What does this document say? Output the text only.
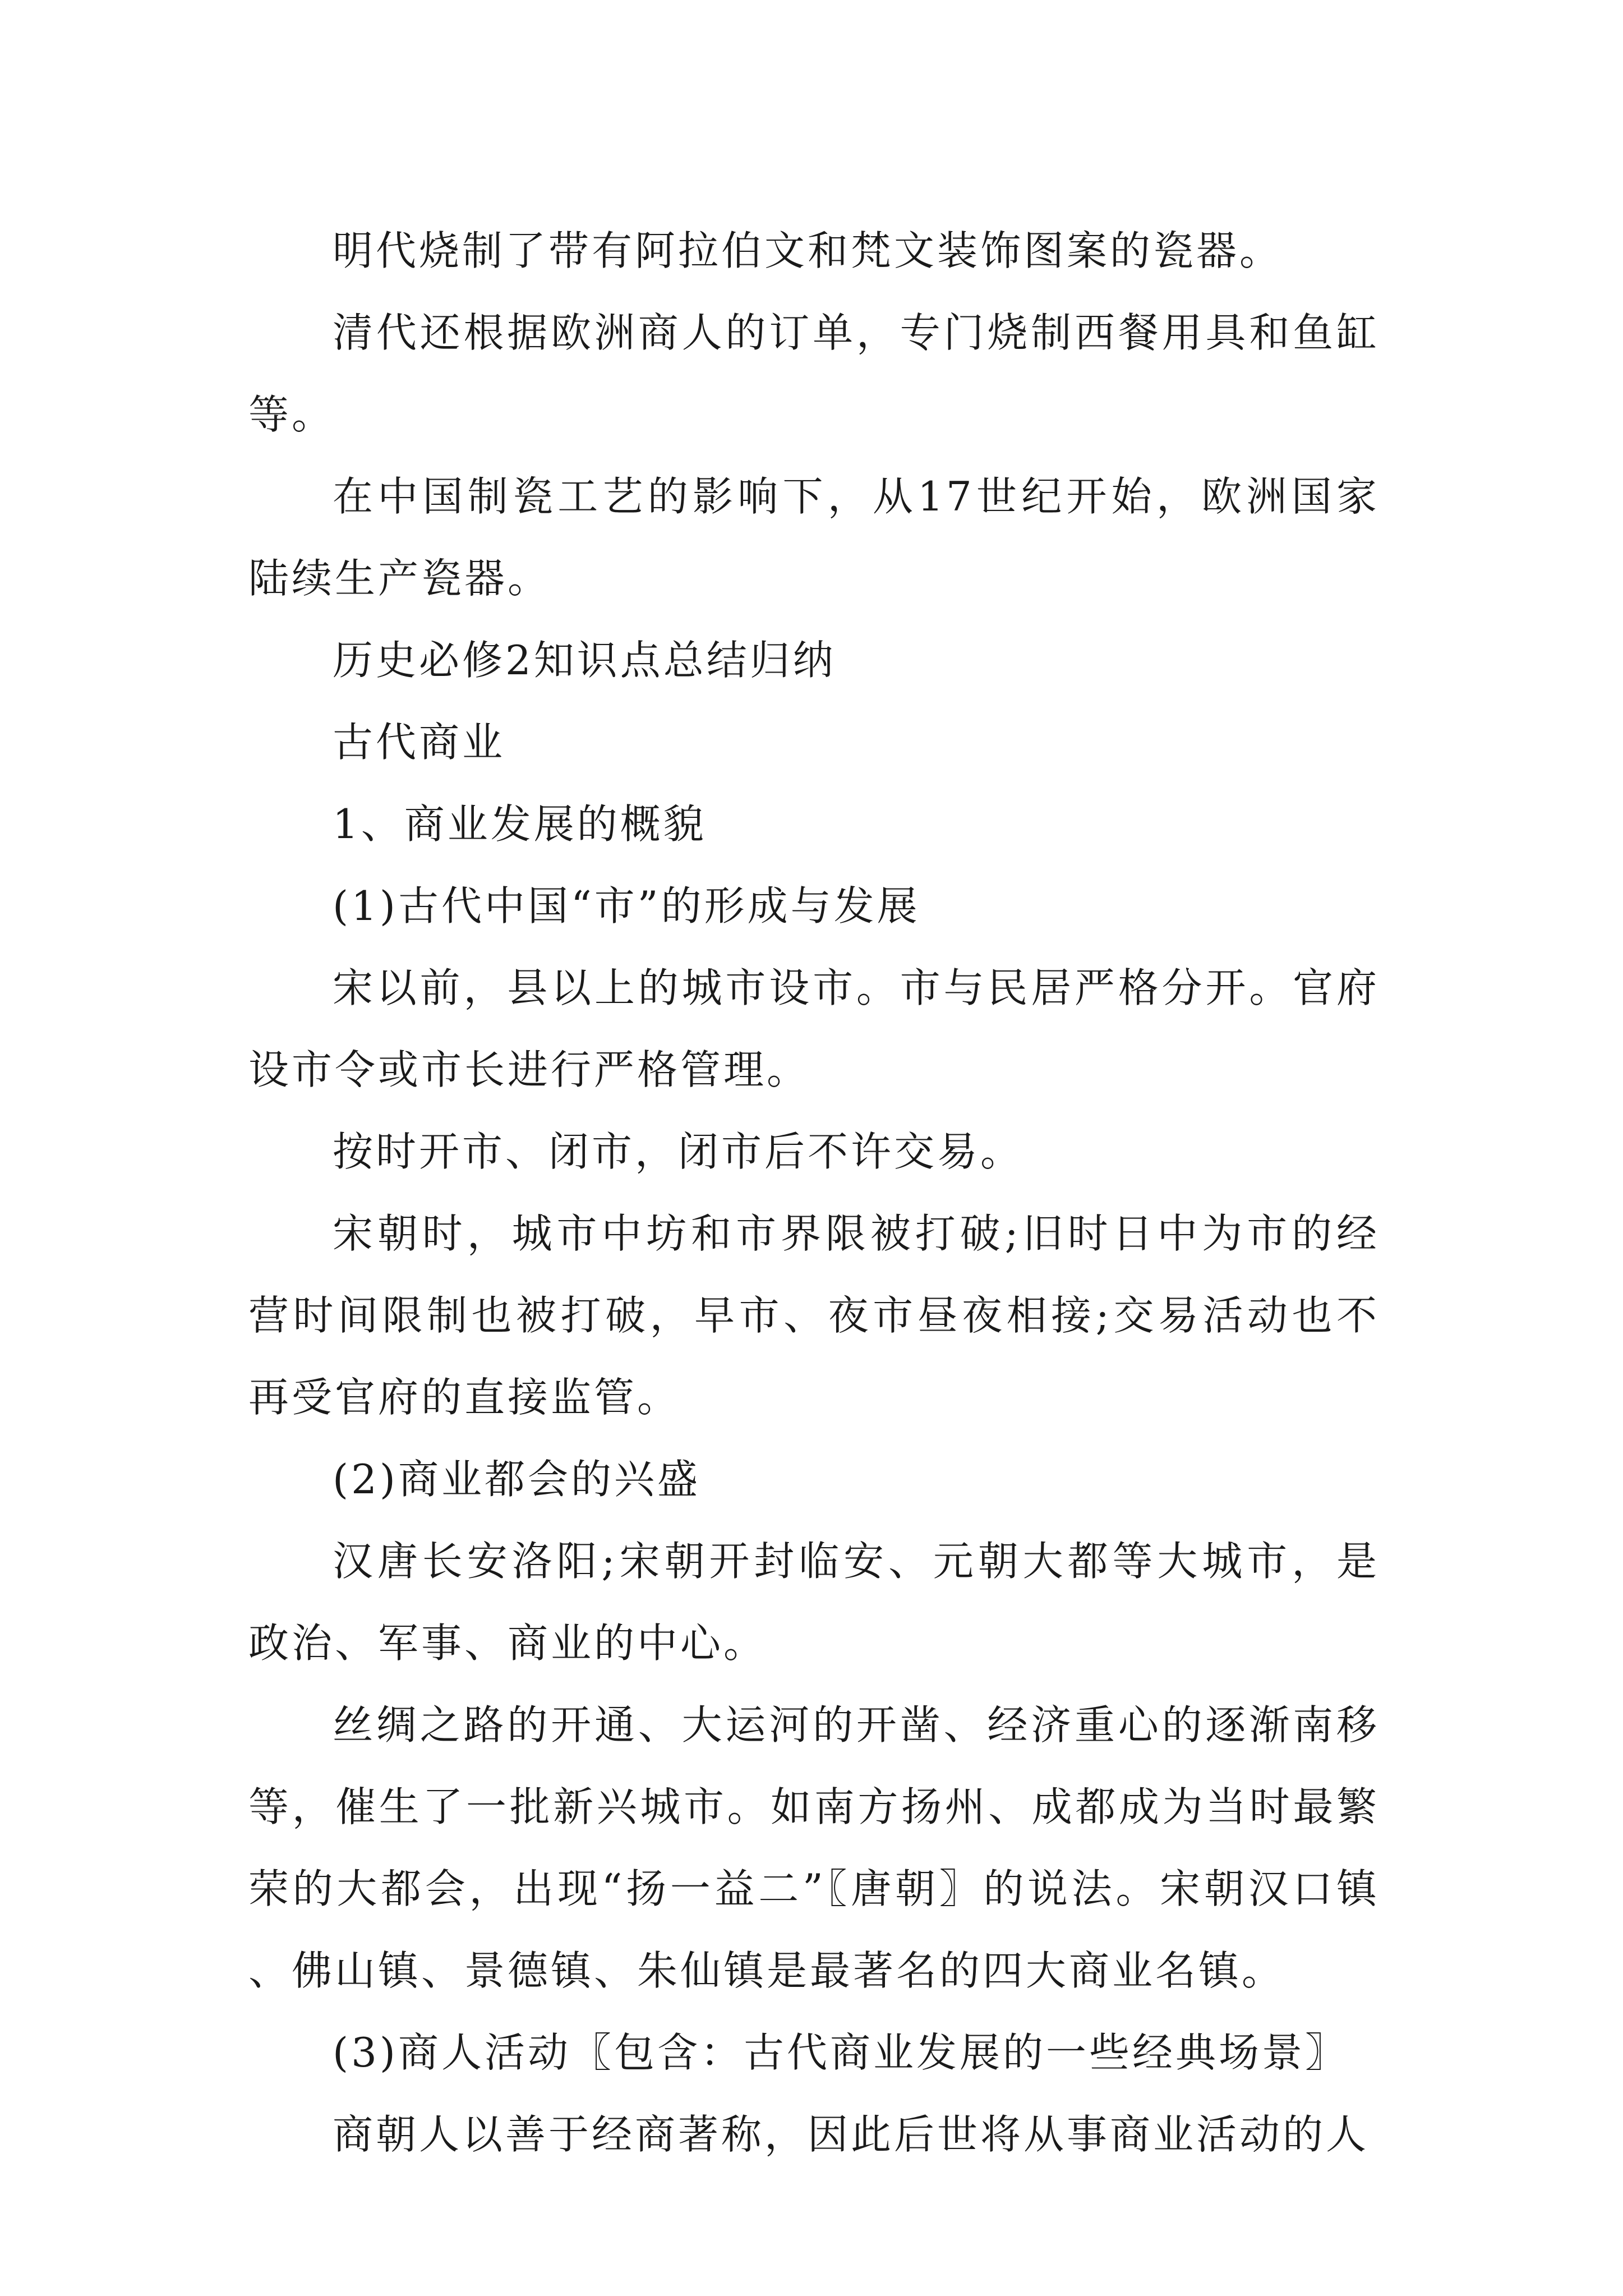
明代烧制了带有阿拉伯文和梵文装饰图案的瓷器。

清代还根据欧洲商人的订单，专门烧制西餐用具和鱼缸等。

在中国制瓷工艺的影响下，从17世纪开始，欧洲国家陆续生产瓷器。

历史必修2知识点总结归纳

古代商业

1、商业发展的概貌

(1)古代中国“市”的形成与发展

宋以前，县以上的城市设市。市与民居严格分开。官府设市令或市长进行严格管理。

按时开市、闭市，闭市后不许交易。

宋朝时，城市中坊和市界限被打破;旧时日中为市的经营时间限制也被打破，早市、夜市昼夜相接;交易活动也不再受官府的直接监管。

(2)商业都会的兴盛

汉唐长安洛阳;宋朝开封临安、元朝大都等大城市，是政治、军事、商业的中心。

丝绸之路的开通、大运河的开凿、经济重心的逐渐南移等，催生了一批新兴城市。如南方扬州、成都成为当时最繁荣的大都会，出现“扬一益二”〖唐朝〗的说法。宋朝汉口镇、佛山镇、景德镇、朱仙镇是最著名的四大商业名镇。

(3)商人活动〖包含：古代商业发展的一些经典场景〗

商朝人以善于经商著称，因此后世将从事商业活动的人
